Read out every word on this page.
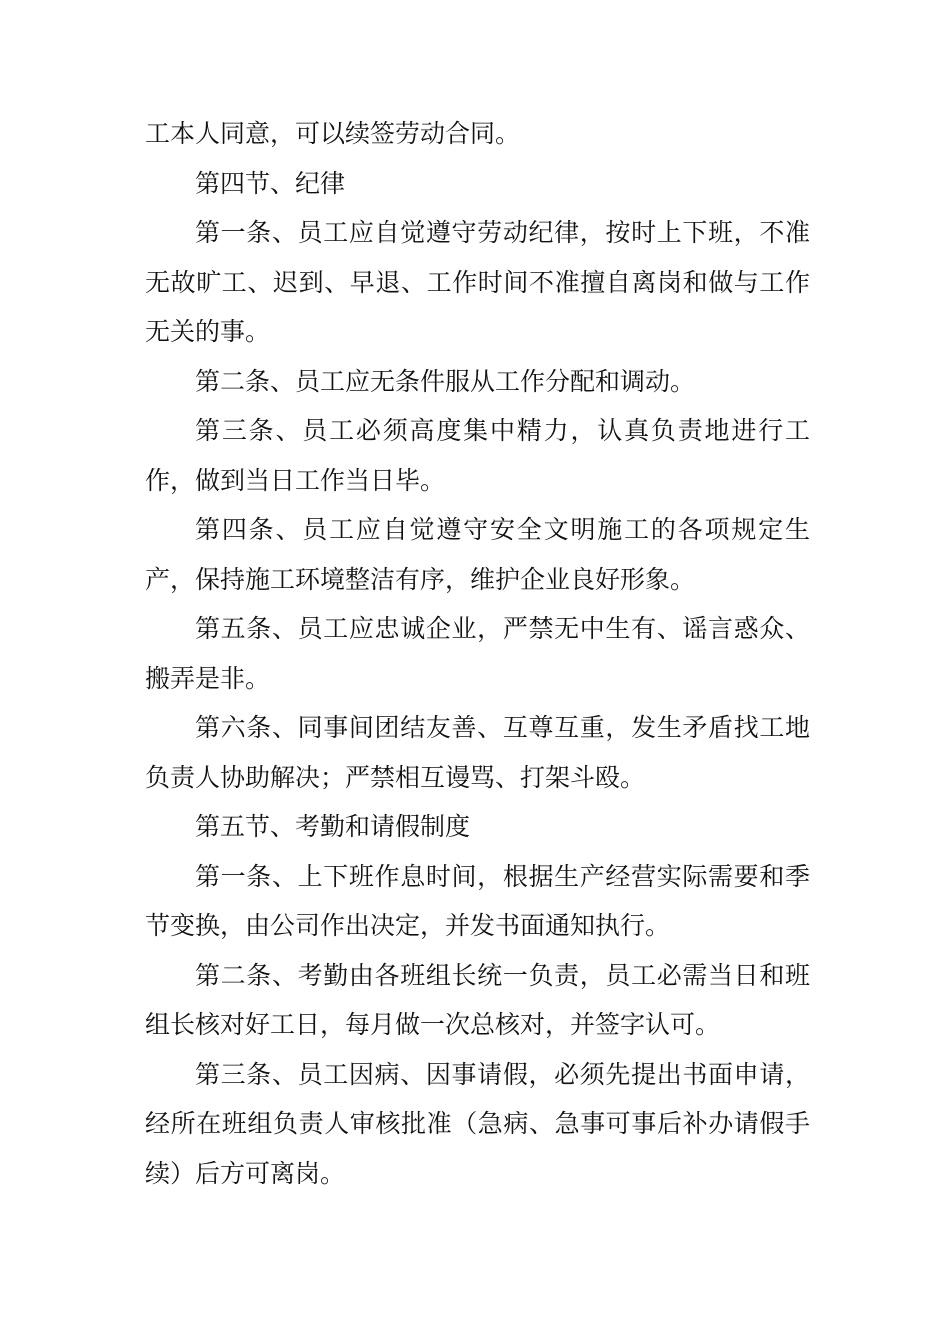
工本人同意，可以续签劳动合同。

第四节、纪律

第一条、员工应自觉遵守劳动纪律，按时上下班，不准无故旷工、迟到、早退、工作时间不准擅自离岗和做与工作无关的事。

第二条、员工应无条件服从工作分配和调动。

第三条、员工必须高度集中精力，认真负责地进行工作，做到当日工作当日毕。

第四条、员工应自觉遵守安全文明施工的各项规定生产，保持施工环境整洁有序，维护企业良好形象。

第五条、员工应忠诚企业，严禁无中生有、谣言惑众、搬弄是非。

第六条、同事间团结友善、互尊互重，发生矛盾找工地负责人协助解决；严禁相互谩骂、打架斗殴。

第五节、考勤和请假制度

第一条、上下班作息时间，根据生产经营实际需要和季节变换，由公司作出决定，并发书面通知执行。

第二条、考勤由各班组长统一负责，员工必需当日和班组长核对好工日，每月做一次总核对，并签字认可。

第三条、员工因病、因事请假，必须先提出书面申请，经所在班组负责人审核批准（急病、急事可事后补办请假手续）后方可离岗。
